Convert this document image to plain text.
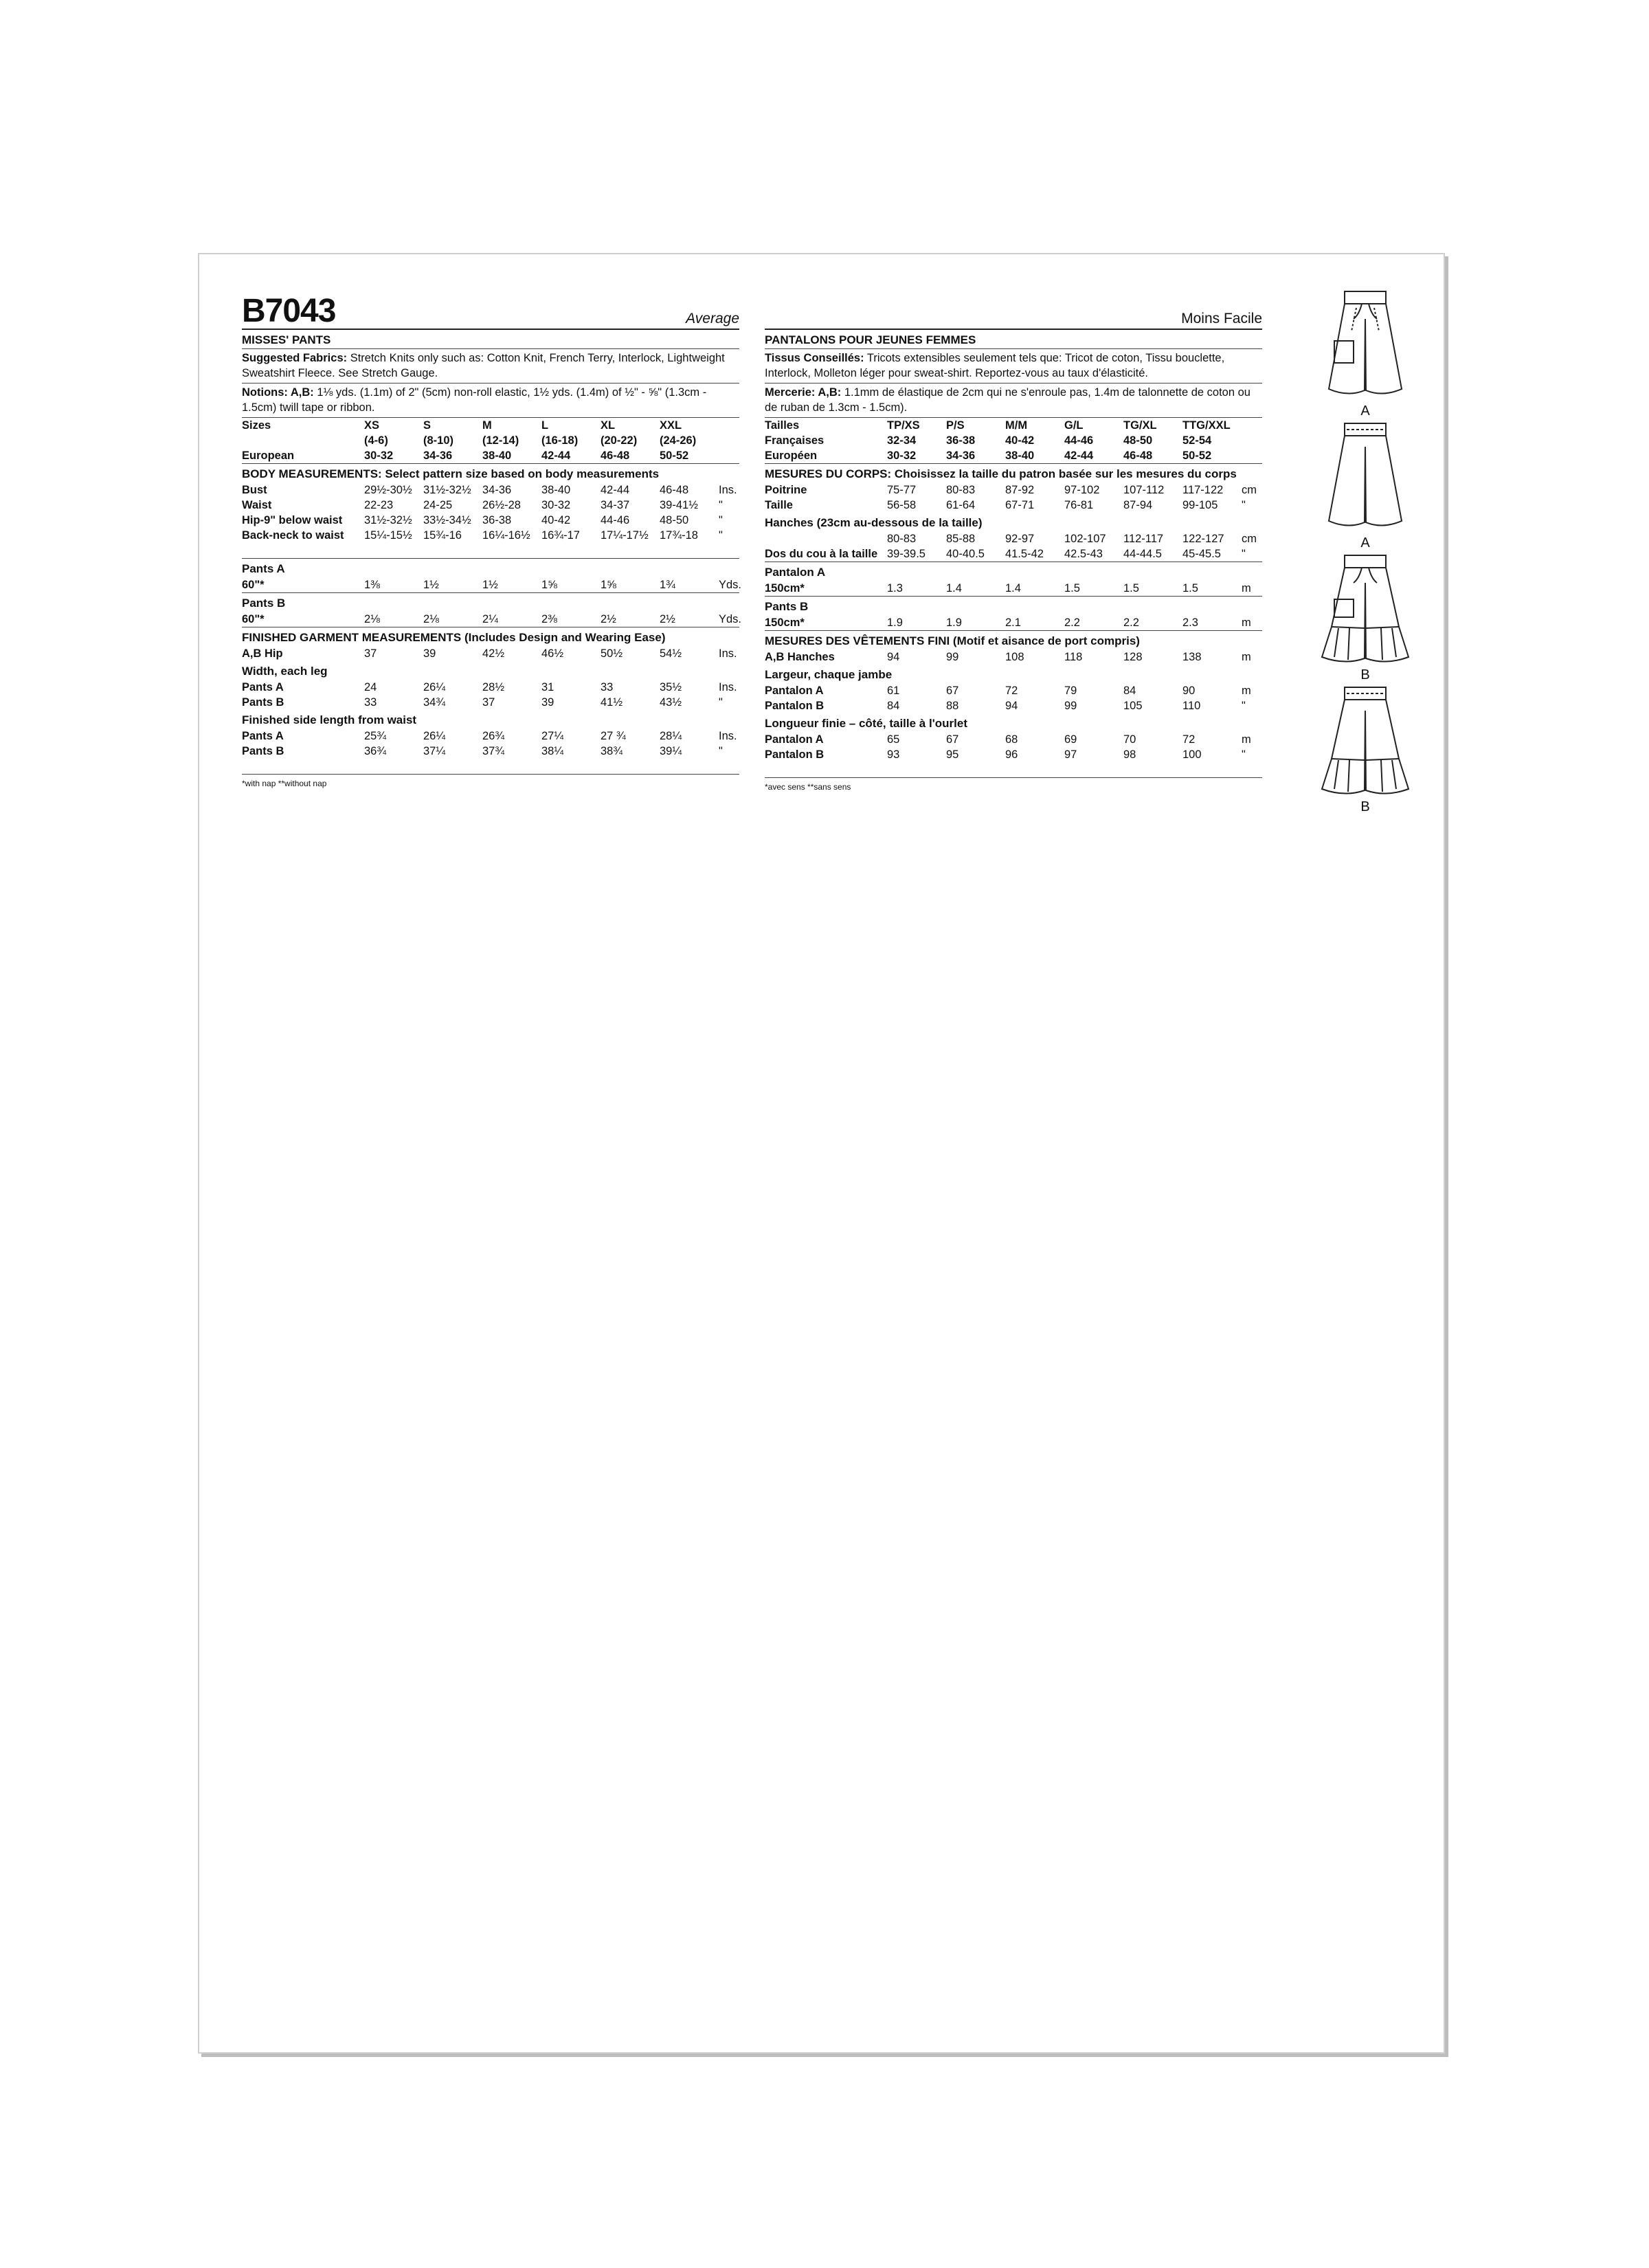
B7043	Average
MISSES' PANTS
Suggested Fabrics: Stretch Knits only such as: Cotton Knit, French Terry, Interlock, Lightweight Sweatshirt Fleece. See Stretch Gauge.
Notions: A,B: 1⅛ yds. (1.1m) of 2" (5cm) non-roll elastic, 1½ yds. (1.4m) of ½" - ⅝" (1.3cm - 1.5cm) twill tape or ribbon.
Sizes	XS	S	M	L	XL	XXL	
	(4-6)	(8-10)	(12-14)	(16-18)	(20-22)	(24-26)	
European	30-32	34-36	38-40	42-44	46-48	50-52	
BODY MEASUREMENTS: Select pattern size based on body measurements
Bust	29½-30½	31½-32½	34-36	38-40	42-44	46-48	Ins.
Waist	22-23	24-25	26½-28	30-32	34-37	39-41½	"
Hip-9" below waist	31½-32½	33½-34½	36-38	40-42	44-46	48-50	"
Back-neck to waist	15¼-15½	15¾-16	16¼-16½	16¾-17	17¼-17½	17¾-18	"
Pants A
60"*	1⅜	1½	1½	1⅝	1⅝	1¾	Yds.
Pants B
60"*	2⅛	2⅛	2¼	2⅜	2½	2½	Yds.
FINISHED GARMENT MEASUREMENTS (Includes Design and Wearing Ease)
A,B Hip	37	39	42½	46½	50½	54½	Ins.
Width, each leg
Pants A	24	26¼	28½	31	33	35½	Ins.
Pants B	33	34¾	37	39	41½	43½	"
Finished side length from waist
Pants A	25¾	26¼	26¾	27¼	27 ¾	28¼	Ins.
Pants B	36¾	37¼	37¾	38¼	38¾	39¼	"
*with nap **without nap
Moins Facile
PANTALONS POUR JEUNES FEMMES
Tissus Conseillés: Tricots extensibles seulement tels que: Tricot de coton, Tissu bouclette, Interlock, Molleton léger pour sweat-shirt. Reportez-vous au taux d'élasticité.
Mercerie: A,B: 1.1mm de élastique de 2cm qui ne s'enroule pas, 1.4m de talonnette de coton ou de ruban de 1.3cm - 1.5cm).
Tailles	TP/XS	P/S	M/M	G/L	TG/XL	TTG/XXL	
Françaises	32-34	36-38	40-42	44-46	48-50	52-54	
Européen	30-32	34-36	38-40	42-44	46-48	50-52	
MESURES DU CORPS: Choisissez la taille du patron basée sur les mesures du corps
Poitrine	75-77	80-83	87-92	97-102	107-112	117-122	cm
Taille	56-58	61-64	67-71	76-81	87-94	99-105	"
Hanches (23cm au-dessous de la taille)
	80-83	85-88	92-97	102-107	112-117	122-127	cm
Dos du cou à la taille	39-39.5	40-40.5	41.5-42	42.5-43	44-44.5	45-45.5	"
Pantalon A
150cm*	1.3	1.4	1.4	1.5	1.5	1.5	m
Pants B
150cm*	1.9	1.9	2.1	2.2	2.2	2.3	m
MESURES DES VÊTEMENTS FINI (Motif et aisance de port compris)
A,B Hanches	94	99	108	118	128	138	m
Largeur, chaque jambe
Pantalon A	61	67	72	79	84	90	m
Pantalon B	84	88	94	99	105	110	"
Longueur finie – côté, taille à l'ourlet
Pantalon A	65	67	68	69	70	72	m
Pantalon B	93	95	96	97	98	100	"
*avec sens **sans sens
A
A
B
B
